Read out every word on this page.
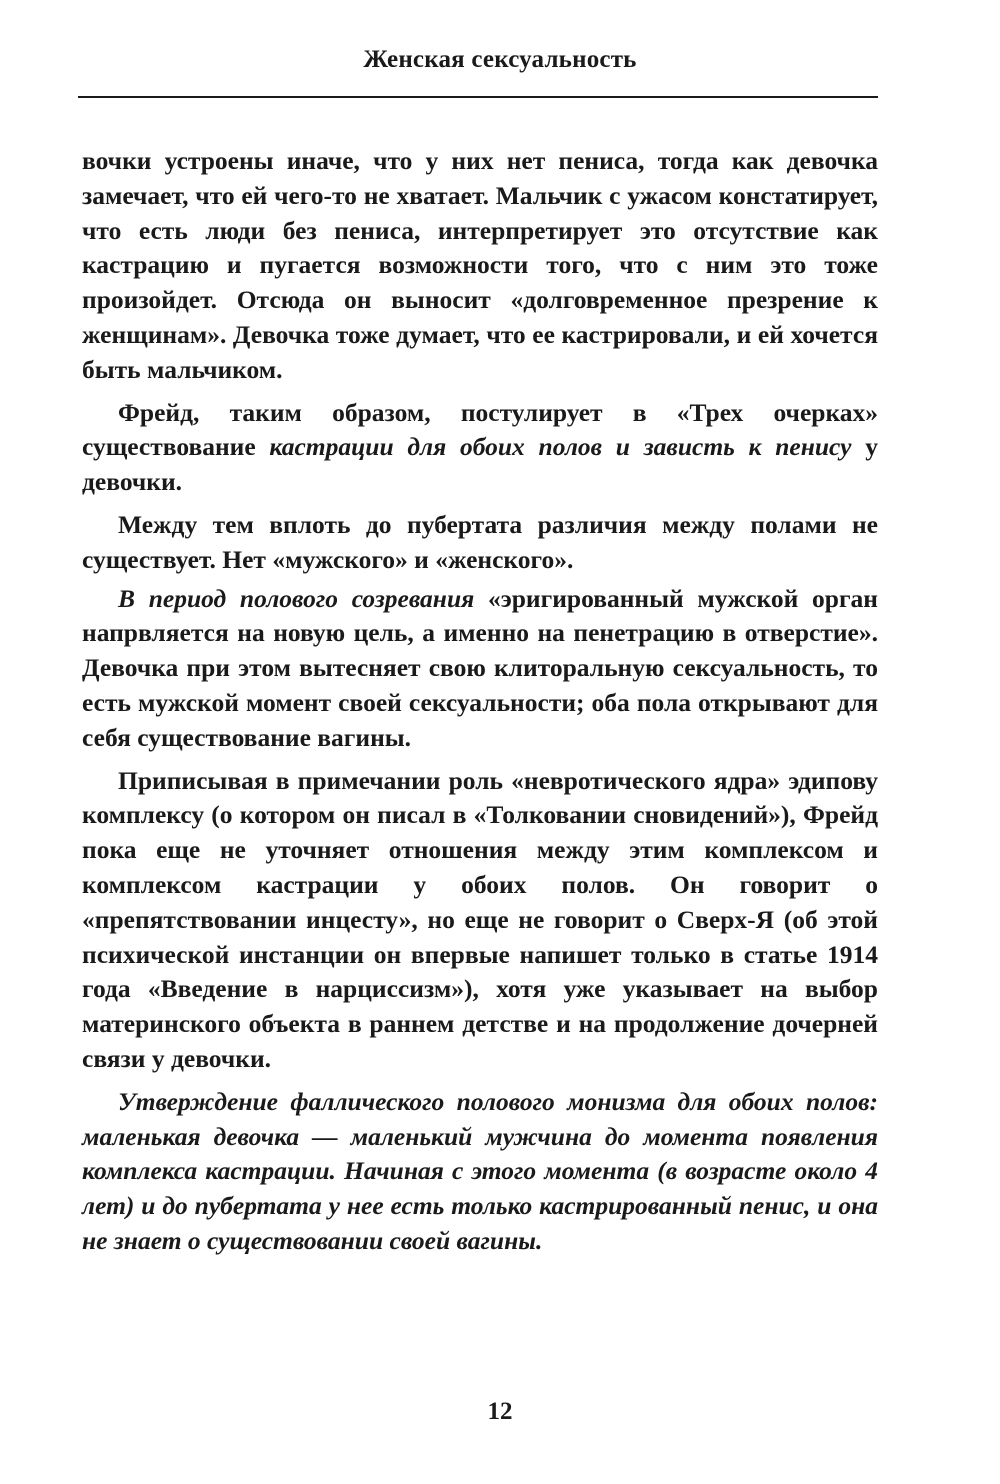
Женская сексуальность

вочки устроены иначе, что у них нет пениса, тогда как девочка замечает, что ей чего-то не хватает. Мальчик с ужасом констатирует, что есть люди без пениса, интерпретирует это отсутствие как кастрацию и пугается возможности того, что с ним это тоже произойдет. Отсюда он выносит «долговременное презрение к женщинам». Девочка тоже думает, что ее кастрировали, и ей хочется быть мальчиком.

Фрейд, таким образом, постулирует в «Трех очерках» существование кастрации для обоих полов и зависть к пенису у девочки.

Между тем вплоть до пубертата различия между полами не существует. Нет «мужского» и «женского».

В период полового созревания «эригированный мужской орган напрвляется на новую цель, а именно на пенетрацию в отверстие». Девочка при этом вытесняет свою клиторальную сексуальность, то есть мужской момент своей сексуальности; оба пола открывают для себя существование вагины.

Приписывая в примечании роль «невротического ядра» эдипову комплексу (о котором он писал в «Толковании сновидений»), Фрейд пока еще не уточняет отношения между этим комплексом и комплексом кастрации у обоих полов. Он говорит о «препятствовании инцесту», но еще не говорит о Сверх-Я (об этой психической инстанции он впервые напишет только в статье 1914 года «Введение в нарциссизм»), хотя уже указывает на выбор материнского объекта в раннем детстве и на продолжение дочерней связи у девочки.

Утверждение фаллического полового монизма для обоих полов: маленькая девочка — маленький мужчина до момента появления комплекса кастрации. Начиная с этого момента (в возрасте около 4 лет) и до пубертата у нее есть только кастрированный пенис, и она не знает о существовании своей вагины.

12
